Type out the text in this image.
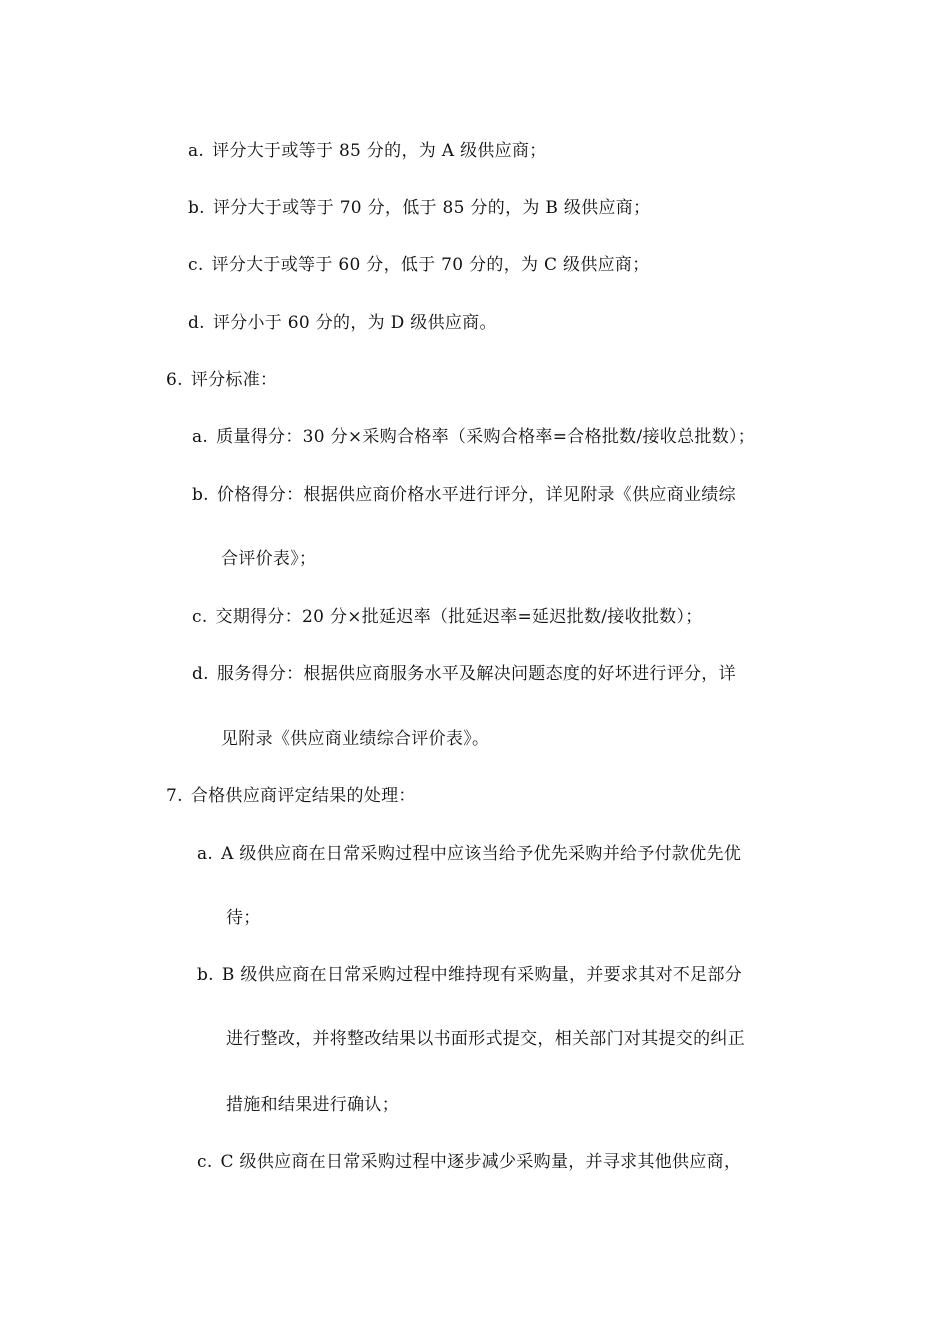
a. 评分大于或等于 85 分的，为 A 级供应商；
b. 评分大于或等于 70 分，低于 85 分的，为 B 级供应商；
c. 评分大于或等于 60 分，低于 70 分的，为 C 级供应商；
d. 评分小于 60 分的，为 D 级供应商。
6. 评分标准：
a. 质量得分：30 分×采购合格率（采购合格率=合格批数/接收总批数）；
b. 价格得分：根据供应商价格水平进行评分，详见附录《供应商业绩综
合评价表》；
c. 交期得分：20 分×批延迟率（批延迟率=延迟批数/接收批数）；
d. 服务得分：根据供应商服务水平及解决问题态度的好坏进行评分，详
见附录《供应商业绩综合评价表》。
7. 合格供应商评定结果的处理：
a. A 级供应商在日常采购过程中应该当给予优先采购并给予付款优先优
待；
b. B 级供应商在日常采购过程中维持现有采购量，并要求其对不足部分
进行整改，并将整改结果以书面形式提交，相关部门对其提交的纠正
措施和结果进行确认；
c. C 级供应商在日常采购过程中逐步减少采购量，并寻求其他供应商，
